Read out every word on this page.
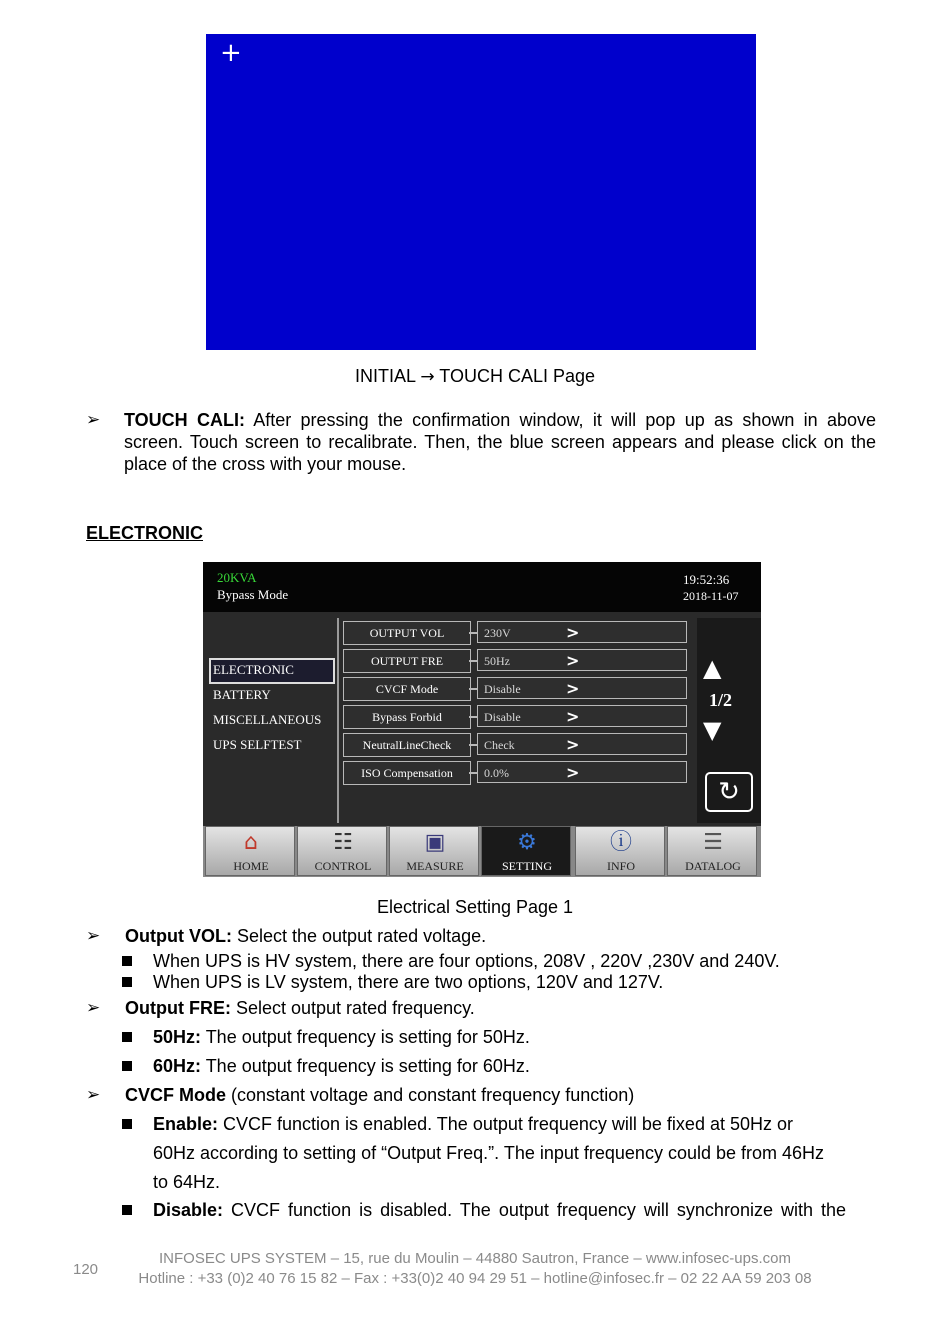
+
INITIAL → TOUCH CALI Page
➢ TOUCH CALI: After pressing the confirmation window, it will pop up as shown in above screen. Touch screen to recalibrate. Then, the blue screen appears and please click on the place of the cross with your mouse.
ELECTRONIC
20KVA
Bypass Mode
19:52:36
2018-11-07
ELECTRONIC
BATTERY
MISCELLANEOUS
UPS SELFTEST
OUTPUT VOL	230V	>
OUTPUT FRE	50Hz	>
CVCF Mode	Disable	>
Bypass Forbid	Disable	>
NeutralLineCheck	Check	>
ISO Compensation	0.0%	>
▲
1/2
▼
↻
⌂
HOME
☷
CONTROL
▣
MEASURE
⚙
SETTING
ⓘ
INFO
☰
DATALOG
Electrical Setting Page 1
➢ Output VOL: Select the output rated voltage.
When UPS is HV system, there are four options, 208V , 220V ,230V and 240V.
When UPS is LV system, there are two options, 120V and 127V.
➢ Output FRE: Select output rated frequency.
50Hz: The output frequency is setting for 50Hz.
60Hz: The output frequency is setting for 60Hz.
➢ CVCF Mode (constant voltage and constant frequency function)
Enable: CVCF function is enabled. The output frequency will be fixed at 50Hz or
60Hz according to setting of “Output Freq.”. The input frequency could be from 46Hz
to 64Hz.
Disable: CVCF function is disabled. The output frequency will synchronize with the
120
INFOSEC UPS SYSTEM – 15, rue du Moulin – 44880 Sautron, France – www.infosec-ups.com
Hotline : +33 (0)2 40 76 15 82 – Fax : +33(0)2 40 94 29 51 – hotline@infosec.fr – 02 22 AA 59 203 08
